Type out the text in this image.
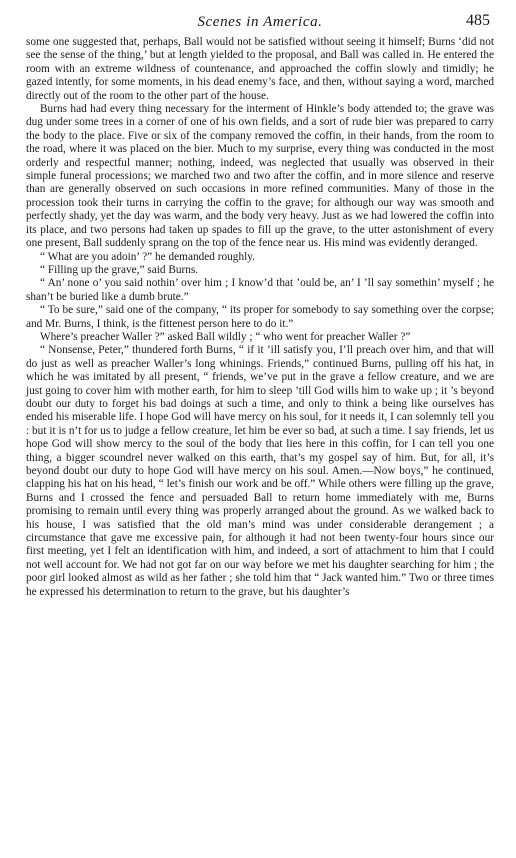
Scenes in America.	485

some one suggested that, perhaps, Ball would not be satisfied without seeing it himself; Burns ‘did not see the sense of the thing,’ but at length yielded to the proposal, and Ball was called in. He entered the room with an extreme wildness of countenance, and approached the coffin slowly and timidly; he gazed intently, for some moments, in his dead enemy’s face, and then, without saying a word, marched directly out of the room to the other part of the house.

Burns had had every thing necessary for the interment of Hinkle’s body attended to; the grave was dug under some trees in a corner of one of his own fields, and a sort of rude bier was prepared to carry the body to the place. Five or six of the company removed the coffin, in their hands, from the room to the road, where it was placed on the bier. Much to my surprise, every thing was conducted in the most orderly and respectful manner; nothing, indeed, was neglected that usually was observed in their simple funeral processions; we marched two and two after the coffin, and in more silence and reserve than are generally observed on such occasions in more refined communities. Many of those in the procession took their turns in carrying the coffin to the grave; for although our way was smooth and perfectly shady, yet the day was warm, and the body very heavy. Just as we had lowered the coffin into its place, and two persons had taken up spades to fill up the grave, to the utter astonishment of every one present, Ball suddenly sprang on the top of the fence near us. His mind was evidently deranged.

“ What are you adoin’ ?” he demanded roughly.

“ Filling up the grave,” said Burns.

“ An’ none o’ you said nothin’ over him ; I know’d that ’ould be, an’ I ’ll say somethin’ myself ; he shan’t be buried like a dumb brute.”

“ To be sure,” said one of the company, “ its proper for somebody to say something over the corpse; and Mr. Burns, I think, is the fittenest person here to do it.”

Where’s preacher Waller ?” asked Ball wildly ; “ who went for preacher Waller ?”

“ Nonsense, Peter,” thundered forth Burns, “ if it ’ill satisfy you, I’ll preach over him, and that will do just as well as preacher Waller’s long whinings. Friends,” continued Burns, pulling off his hat, in which he was imitated by all present, “ friends, we’ve put in the grave a fellow creature, and we are just going to cover him with mother earth, for him to sleep ’till God wills him to wake up ; it ’s beyond doubt our duty to forget his bad doings at such a time, and only to think a being like ourselves has ended his miserable life. I hope God will have mercy on his soul, for it needs it, I can solemnly tell you : but it is n’t for us to judge a fellow creature, let him be ever so bad, at such a time. I say friends, let us hope God will show mercy to the soul of the body that lies here in this coffin, for I can tell you one thing, a bigger scoundrel never walked on this earth, that’s my gospel say of him. But, for all, it’s beyond doubt our duty to hope God will have mercy on his soul. Amen.—Now boys,” he continued, clapping his hat on his head, “ let’s finish our work and be off.” While others were filling up the grave, Burns and I crossed the fence and persuaded Ball to return home immediately with me, Burns promising to remain until every thing was properly arranged about the ground. As we walked back to his house, I was satisfied that the old man’s mind was under considerable derangement ; a circumstance that gave me excessive pain, for although it had not been twenty-four hours since our first meeting, yet I felt an identification with him, and indeed, a sort of attachment to him that I could not well account for. We had not got far on our way before we met his daughter searching for him ; the poor girl looked almost as wild as her father ; she told him that “ Jack wanted him.” Two or three times he expressed his determination to return to the grave, but his daughter’s
